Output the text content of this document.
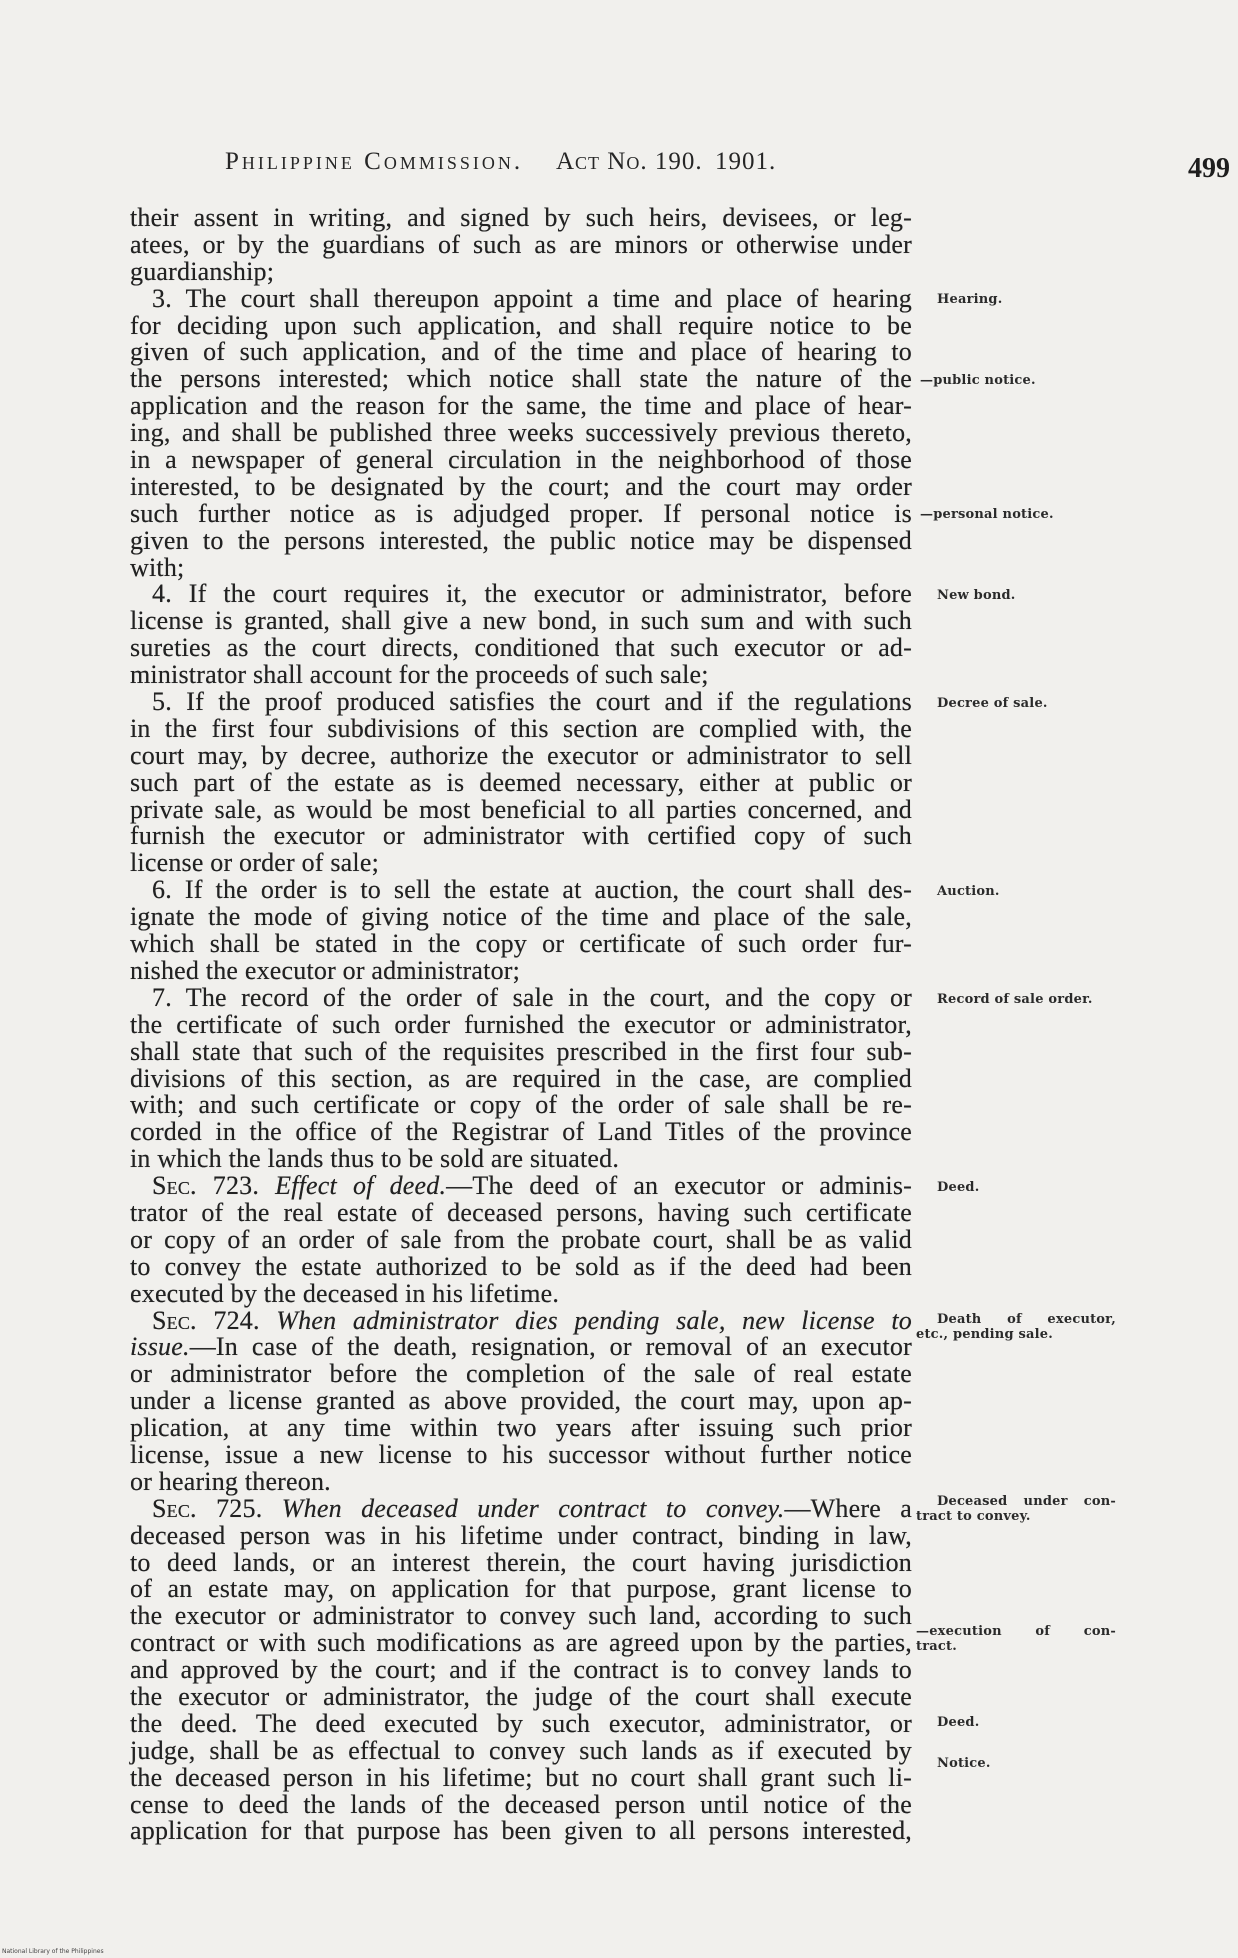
Philippine Commission. Act No. 190. 1901.	499
their assent in writing, and signed by such heirs, devisees, or leg-
atees, or by the guardians of such as are minors or otherwise under
guardianship;
3. The court shall thereupon appoint a time and place of hearing
for deciding upon such application, and shall require notice to be
given of such application, and of the time and place of hearing to
the persons interested; which notice shall state the nature of the
application and the reason for the same, the time and place of hear-
ing, and shall be published three weeks successively previous thereto,
in a newspaper of general circulation in the neighborhood of those
interested, to be designated by the court; and the court may order
such further notice as is adjudged proper. If personal notice is
given to the persons interested, the public notice may be dispensed
with;
4. If the court requires it, the executor or administrator, before
license is granted, shall give a new bond, in such sum and with such
sureties as the court directs, conditioned that such executor or ad-
ministrator shall account for the proceeds of such sale;
5. If the proof produced satisfies the court and if the regulations
in the first four subdivisions of this section are complied with, the
court may, by decree, authorize the executor or administrator to sell
such part of the estate as is deemed necessary, either at public or
private sale, as would be most beneficial to all parties concerned, and
furnish the executor or administrator with certified copy of such
license or order of sale;
6. If the order is to sell the estate at auction, the court shall des-
ignate the mode of giving notice of the time and place of the sale,
which shall be stated in the copy or certificate of such order fur-
nished the executor or administrator;
7. The record of the order of sale in the court, and the copy or
the certificate of such order furnished the executor or administrator,
shall state that such of the requisites prescribed in the first four sub-
divisions of this section, as are required in the case, are complied
with; and such certificate or copy of the order of sale shall be re-
corded in the office of the Registrar of Land Titles of the province
in which the lands thus to be sold are situated.
Sec. 723. Effect of deed.—The deed of an executor or adminis-
trator of the real estate of deceased persons, having such certificate
or copy of an order of sale from the probate court, shall be as valid
to convey the estate authorized to be sold as if the deed had been
executed by the deceased in his lifetime.
Sec. 724. When administrator dies pending sale, new license to
issue.—In case of the death, resignation, or removal of an executor
or administrator before the completion of the sale of real estate
under a license granted as above provided, the court may, upon ap-
plication, at any time within two years after issuing such prior
license, issue a new license to his successor without further notice
or hearing thereon.
Sec. 725. When deceased under contract to convey.—Where a
deceased person was in his lifetime under contract, binding in law,
to deed lands, or an interest therein, the court having jurisdiction
of an estate may, on application for that purpose, grant license to
the executor or administrator to convey such land, according to such
contract or with such modifications as are agreed upon by the parties,
and approved by the court; and if the contract is to convey lands to
the executor or administrator, the judge of the court shall execute
the deed. The deed executed by such executor, administrator, or
judge, shall be as effectual to convey such lands as if executed by
the deceased person in his lifetime; but no court shall grant such li-
cense to deed the lands of the deceased person until notice of the
application for that purpose has been given to all persons interested,
Hearing.
—public notice.
—personal notice.
New bond.
Decree of sale.
Auction.
Record of sale order.
Deed.
Death of executor,
etc., pending sale.
Deceased under con-
tract to convey.
—execution of con-
tract.
Deed.
Notice.
National Library of the Philippines
